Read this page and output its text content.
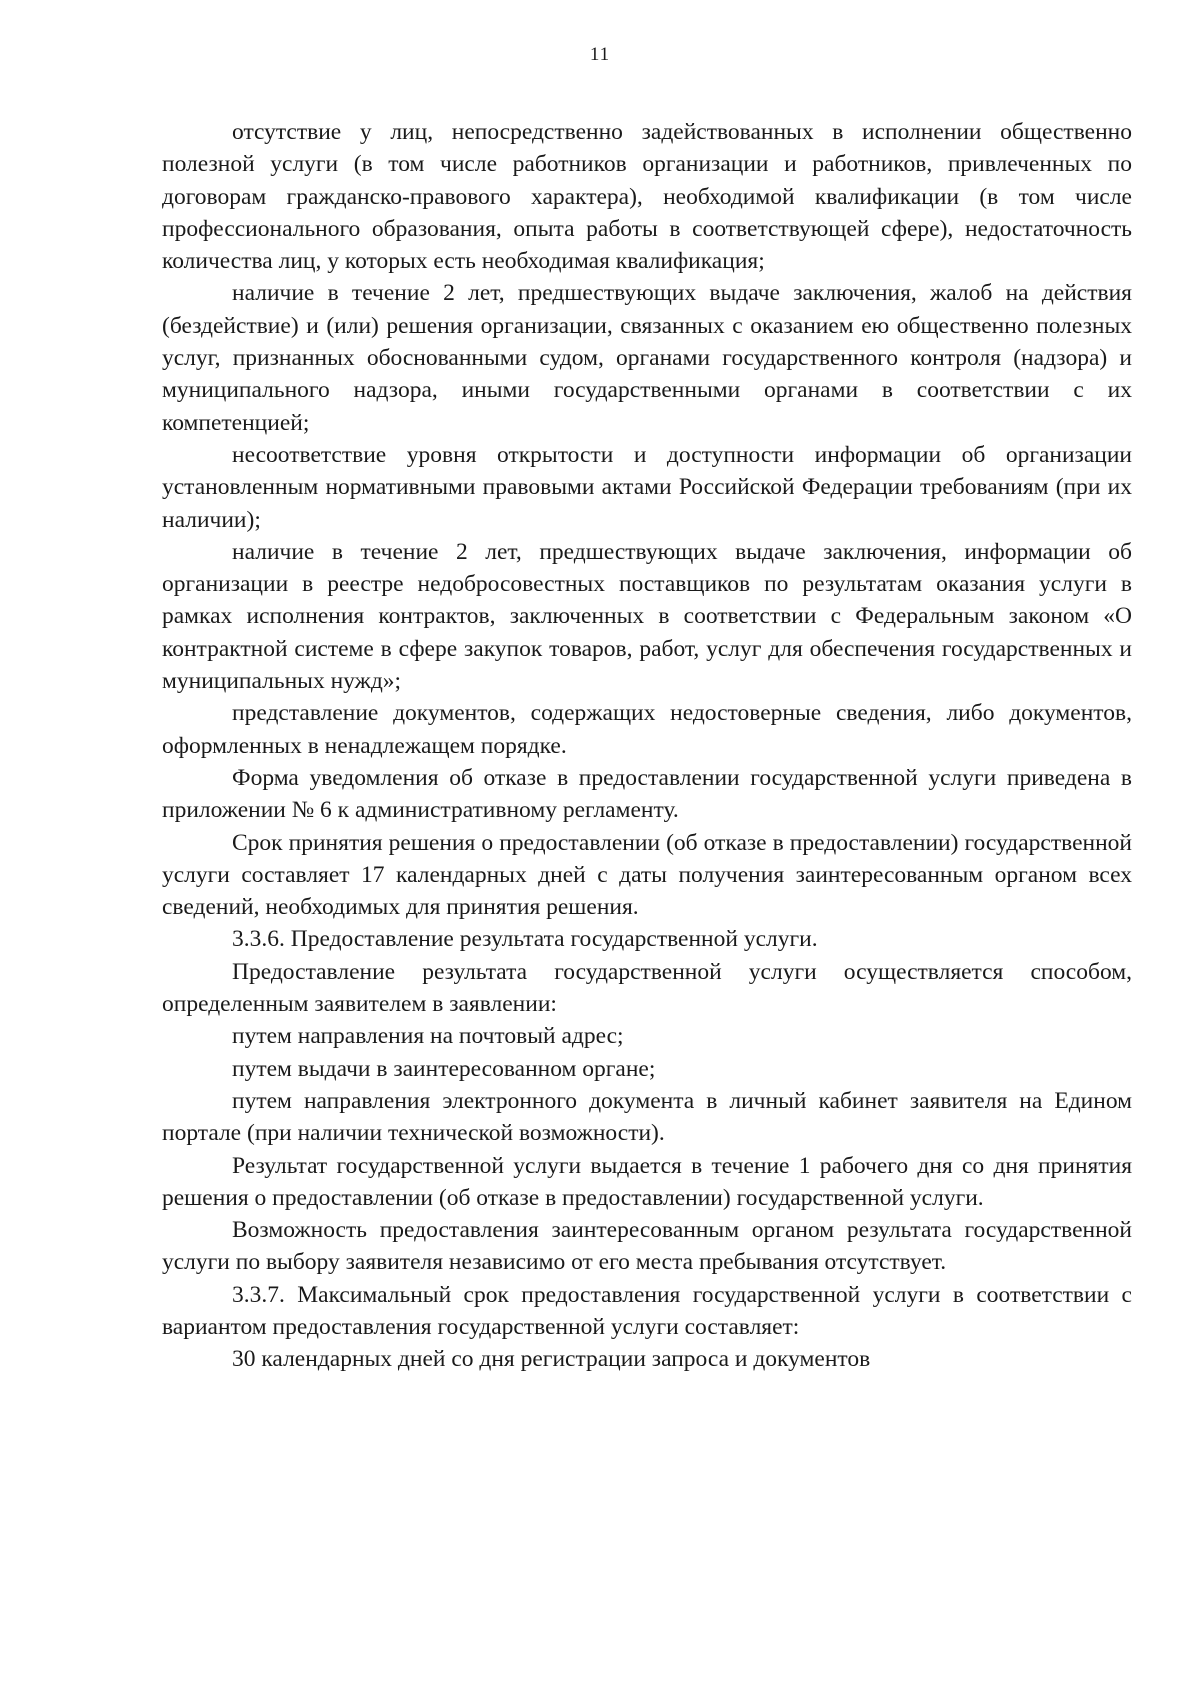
11

отсутствие у лиц, непосредственно задействованных в исполнении общественно полезной услуги (в том числе работников организации и работников, привлеченных по договорам гражданско-правового характера), необходимой квалификации (в том числе профессионального образования, опыта работы в соответствующей сфере), недостаточность количества лиц, у которых есть необходимая квалификация;

наличие в течение 2 лет, предшествующих выдаче заключения, жалоб на действия (бездействие) и (или) решения организации, связанных с оказанием ею общественно полезных услуг, признанных обоснованными судом, органами государственного контроля (надзора) и муниципального надзора, иными государственными органами в соответствии с их компетенцией;

несоответствие уровня открытости и доступности информации об организации установленным нормативными правовыми актами Российской Федерации требованиям (при их наличии);

наличие в течение 2 лет, предшествующих выдаче заключения, информации об организации в реестре недобросовестных поставщиков по результатам оказания услуги в рамках исполнения контрактов, заключенных в соответствии с Федеральным законом «О контрактной системе в сфере закупок товаров, работ, услуг для обеспечения государственных и муниципальных нужд»;

представление документов, содержащих недостоверные сведения, либо документов, оформленных в ненадлежащем порядке.

Форма уведомления об отказе в предоставлении государственной услуги приведена в приложении № 6 к административному регламенту.

Срок принятия решения о предоставлении (об отказе в предоставлении) государственной услуги составляет 17 календарных дней с даты получения заинтересованным органом всех сведений, необходимых для принятия решения.

3.3.6. Предоставление результата государственной услуги.

Предоставление результата государственной услуги осуществляется способом, определенным заявителем в заявлении:

путем направления на почтовый адрес;

путем выдачи в заинтересованном органе;

путем направления электронного документа в личный кабинет заявителя на Едином портале (при наличии технической возможности).

Результат государственной услуги выдается в течение 1 рабочего дня со дня принятия решения о предоставлении (об отказе в предоставлении) государственной услуги.

Возможность предоставления заинтересованным органом результата государственной услуги по выбору заявителя независимо от его места пребывания отсутствует.

3.3.7. Максимальный срок предоставления государственной услуги в соответствии с вариантом предоставления государственной услуги составляет:

30 календарных дней со дня регистрации запроса и документов
